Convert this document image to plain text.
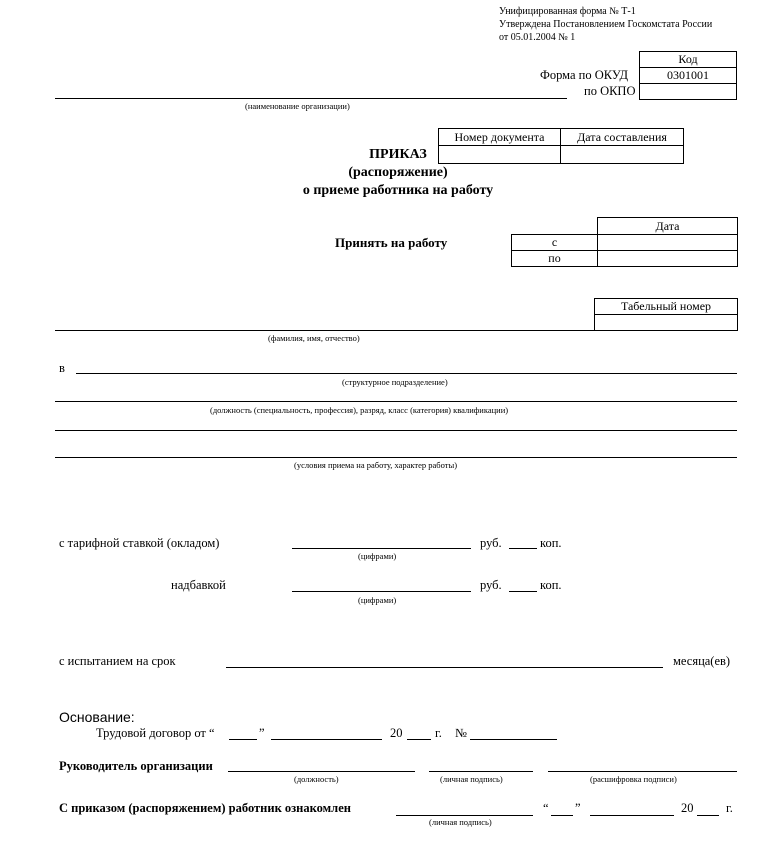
Унифицированная форма № Т-1
Утверждена Постановлением Госкомстата России
от 05.01.2004 № 1
Код
0301001
Форма по ОКУД
по ОКПО
(наименование организации)
Номер документа	Дата составления
ПРИКАЗ
(распоряжение)
о приеме работника на работу
Принять на работу
Дата
с
по
Табельный номер
(фамилия, имя, отчество)
в
(структурное подразделение)
(должность (специальность, профессия), разряд, класс (категория) квалификации)
(условия приема на работу, характер работы)
с тарифной ставкой (окладом)
(цифрами)
руб.	коп.
надбавкой
(цифрами)
руб.	коп.
с испытанием на срок	месяца(ев)
Основание:
Трудовой договор от “	”	20	г. №
Руководитель организации
(должность)	(личная подпись)	(расшифровка подписи)
С приказом (распоряжением) работник ознакомлен
(личная подпись)
“ ”	20	г.
